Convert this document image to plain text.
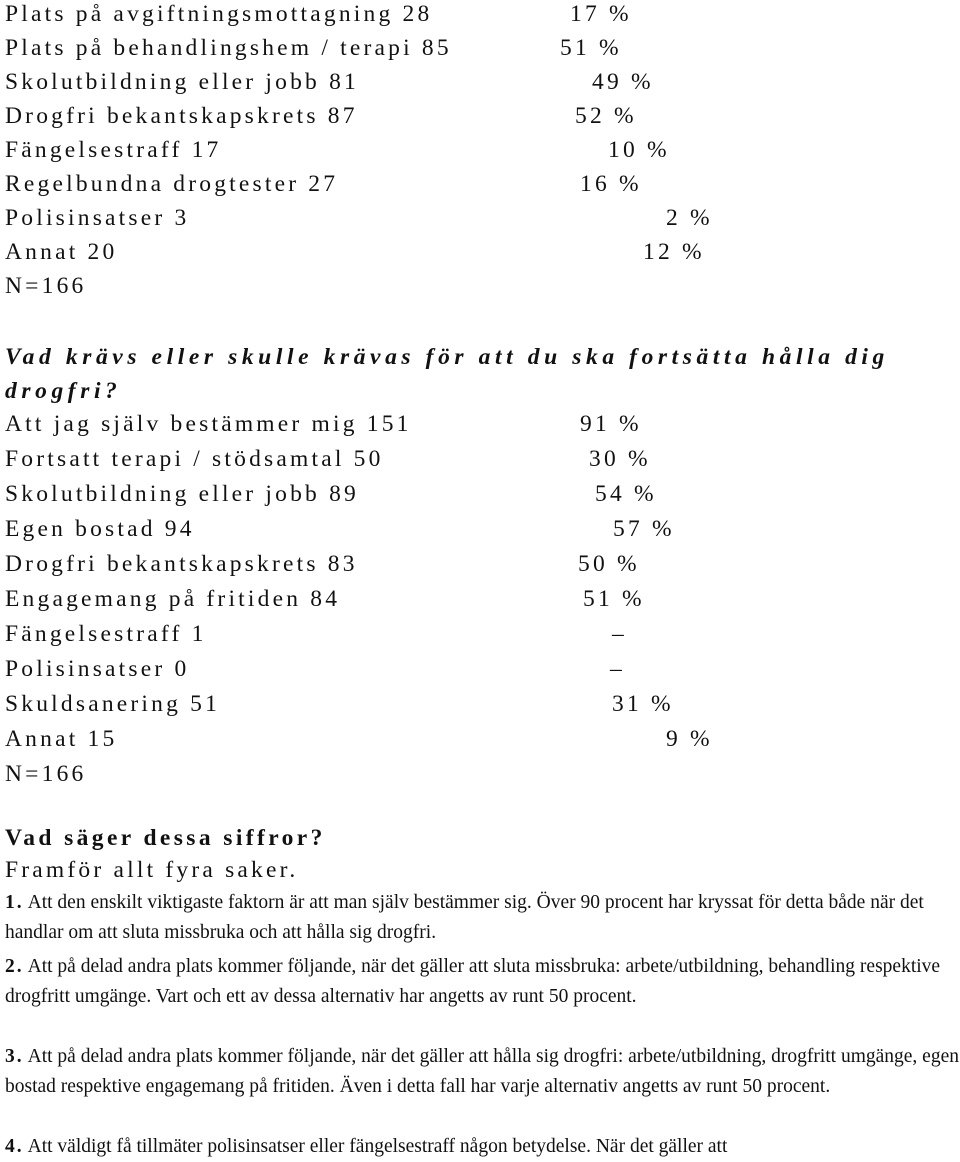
Plats på avgiftningsmottagning 28	17 %
Plats på behandlingshem / terapi 85	51 %
Skolutbildning eller jobb 81	49 %
Drogfri bekantskapskrets 87	52 %
Fängelsestraff 17	10 %
Regelbundna drogtester 27	16 %
Polisinsatser 3	2 %
Annat 20	12 %
N=166
Vad krävs eller skulle krävas för att du ska fortsätta hålla dig drogfri?
Att jag själv bestämmer mig 151	91 %
Fortsatt terapi / stödsamtal 50	30 %
Skolutbildning eller jobb 89	54 %
Egen bostad 94	57 %
Drogfri bekantskapskrets 83	50 %
Engagemang på fritiden 84	51 %
Fängelsestraff 1	–
Polisinsatser 0	–
Skuldsanering 51	31 %
Annat 15	9 %
N=166
Vad säger dessa siffror?
Framför allt fyra saker.
1. Att den enskilt viktigaste faktorn är att man själv bestämmer sig. Över 90 procent har kryssat för detta både när det handlar om att sluta missbruka och att hålla sig drogfri.
2. Att på delad andra plats kommer följande, när det gäller att sluta missbruka: arbete/utbildning, behandling respektive drogfritt umgänge. Vart och ett av dessa alternativ har angetts av runt 50 procent.
3. Att på delad andra plats kommer följande, när det gäller att hålla sig drogfri: arbete/utbildning, drogfritt umgänge, egen bostad respektive engagemang på fritiden. Även i detta fall har varje alternativ angetts av runt 50 procent.
4. Att väldigt få tillmäter polisinsatser eller fängelsestraff någon betydelse. När det gäller att
